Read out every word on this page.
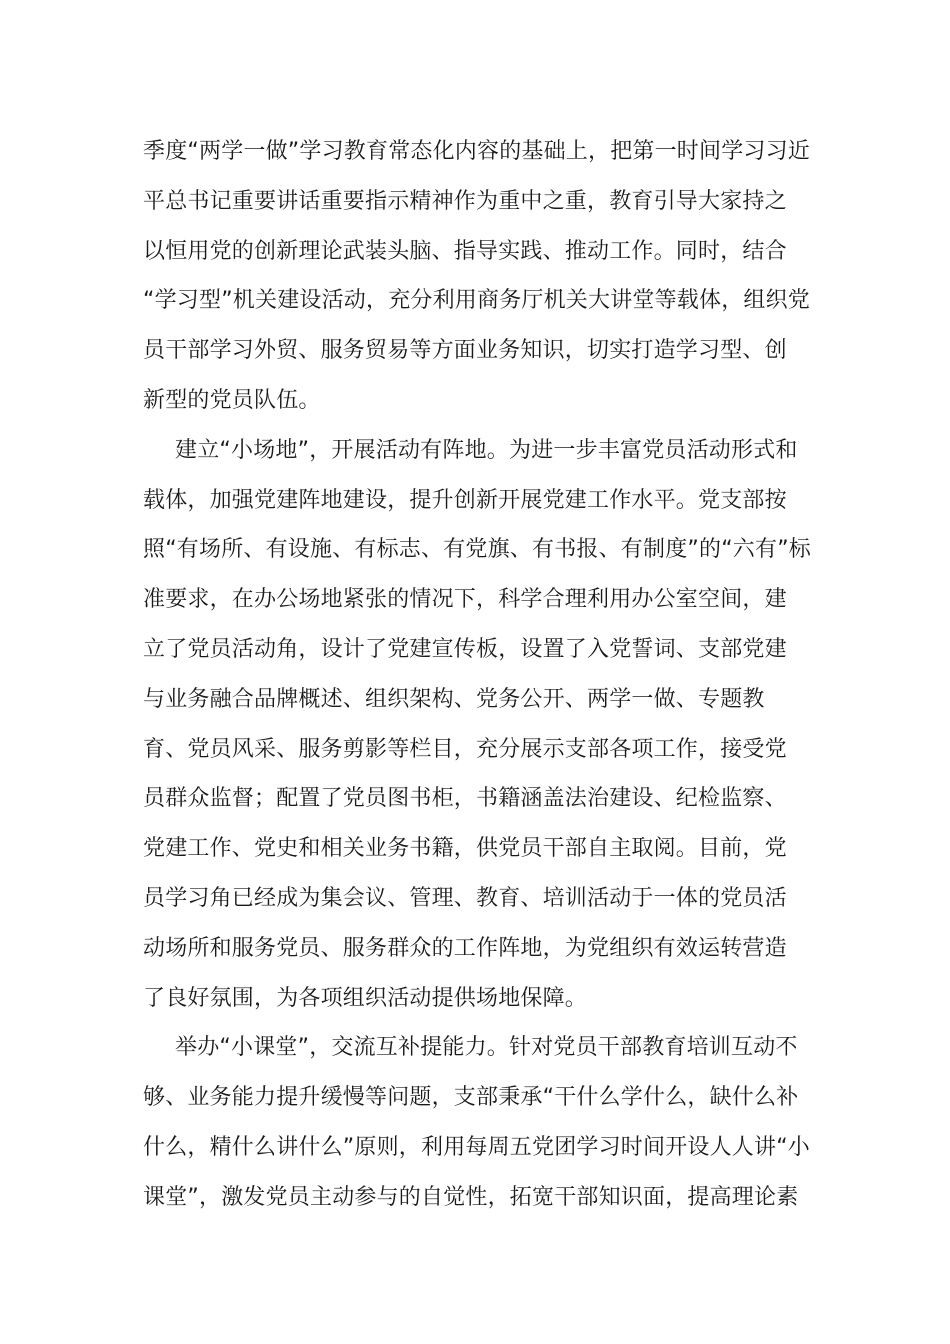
季度“两学一做”学习教育常态化内容的基础上，把第一时间学习习近
平总书记重要讲话重要指示精神作为重中之重，教育引导大家持之
以恒用党的创新理论武装头脑、指导实践、推动工作。同时，结合
“学习型”机关建设活动，充分利用商务厅机关大讲堂等载体，组织党
员干部学习外贸、服务贸易等方面业务知识，切实打造学习型、创
新型的党员队伍。
建立“小场地”，开展活动有阵地。为进一步丰富党员活动形式和
载体，加强党建阵地建设，提升创新开展党建工作水平。党支部按
照“有场所、有设施、有标志、有党旗、有书报、有制度”的“六有”标
准要求，在办公场地紧张的情况下，科学合理利用办公室空间，建
立了党员活动角，设计了党建宣传板，设置了入党誓词、支部党建
与业务融合品牌概述、组织架构、党务公开、两学一做、专题教
育、党员风采、服务剪影等栏目，充分展示支部各项工作，接受党
员群众监督；配置了党员图书柜，书籍涵盖法治建设、纪检监察、
党建工作、党史和相关业务书籍，供党员干部自主取阅。目前，党
员学习角已经成为集会议、管理、教育、培训活动于一体的党员活
动场所和服务党员、服务群众的工作阵地，为党组织有效运转营造
了良好氛围，为各项组织活动提供场地保障。
举办“小课堂”，交流互补提能力。针对党员干部教育培训互动不
够、业务能力提升缓慢等问题，支部秉承“干什么学什么，缺什么补
什么，精什么讲什么”原则，利用每周五党团学习时间开设人人讲“小
课堂”，激发党员主动参与的自觉性，拓宽干部知识面，提高理论素
